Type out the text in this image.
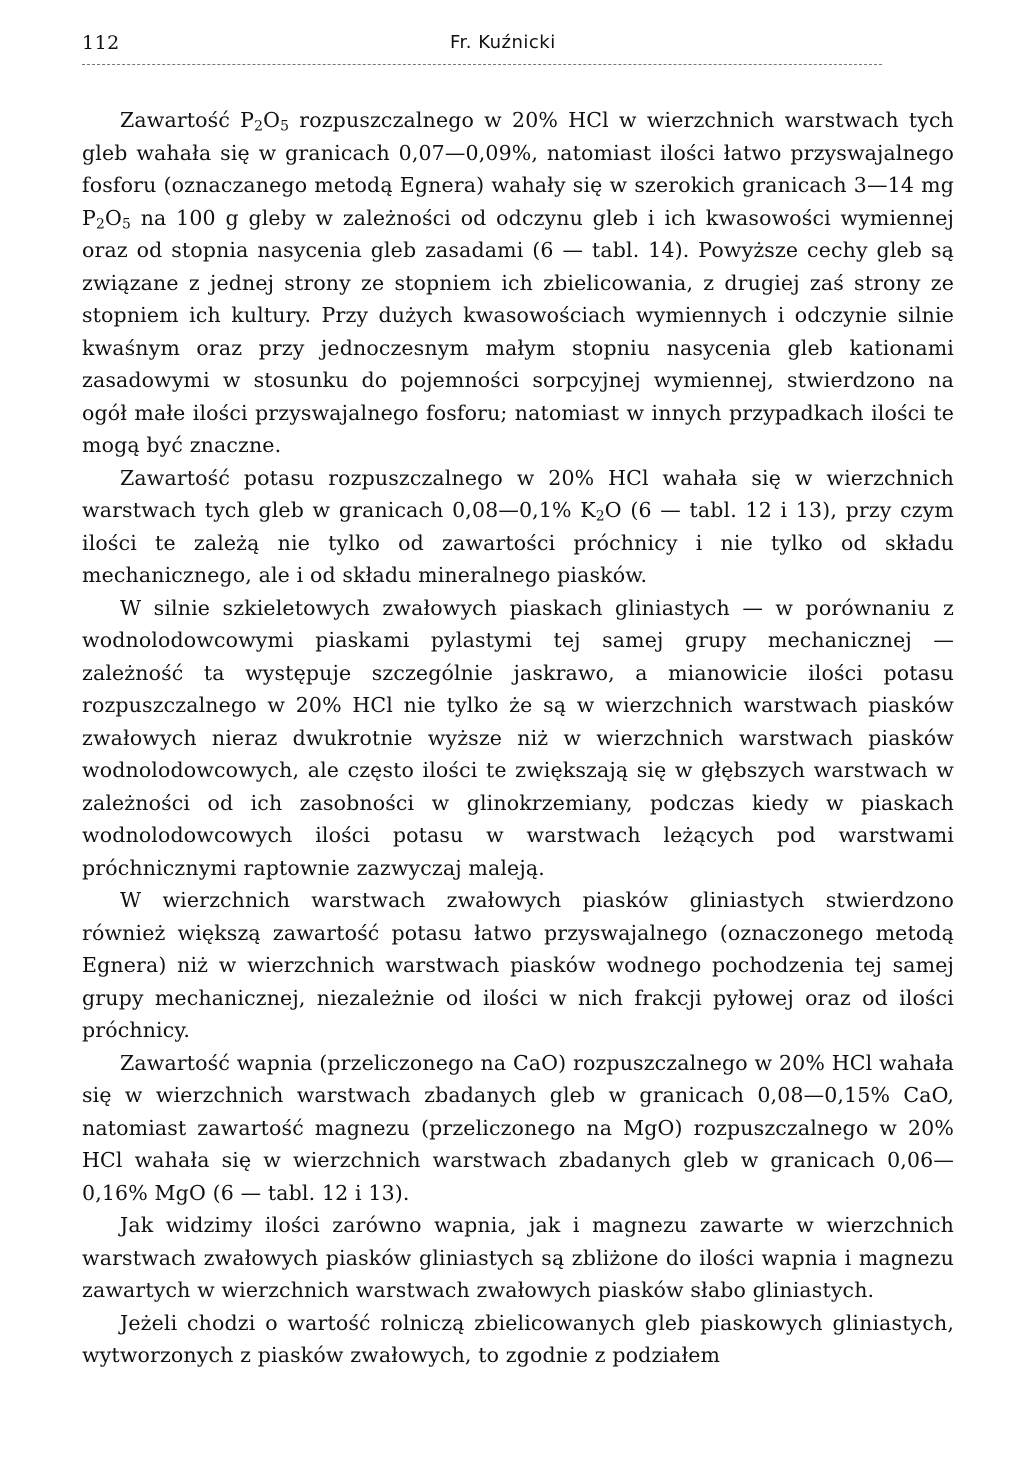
112	Fr. Kuźnicki

Zawartość $P_2O_5$ rozpuszczalnego w 20% HCl w wierzchnich warstwach tych gleb wahała się w granicach 0,07—0,09%, natomiast ilości łatwo przyswajalnego fosforu (oznaczanego metodą Egnera) wahały się w szerokich granicach 3—14 mg $P_2O_5$ na 100 g gleby w zależności od odczynu gleb i ich kwasowości wymiennej oraz od stopnia nasycenia gleb zasadami (6 — tabl. 14). Powyższe cechy gleb są związane z jednej strony ze stopniem ich zbielicowania, z drugiej zaś strony ze stopniem ich kultury. Przy dużych kwasowościach wymiennych i odczynie silnie kwaśnym oraz przy jednoczesnym małym stopniu nasycenia gleb kationami zasadowymi w stosunku do pojemności sorpcyjnej wymiennej, stwierdzono na ogół małe ilości przyswajalnego fosforu; natomiast w innych przypadkach ilości te mogą być znaczne.

Zawartość potasu rozpuszczalnego w 20% HCl wahała się w wierzchnich warstwach tych gleb w granicach 0,08—0,1% $K_2O$ (6 — tabl. 12 i 13), przy czym ilości te zależą nie tylko od zawartości próchnicy i nie tylko od składu mechanicznego, ale i od składu mineralnego piasków.

W silnie szkieletowych zwałowych piaskach gliniastych — w porównaniu z wodnolodowcowymi piaskami pylastymi tej samej grupy mechanicznej — zależność ta występuje szczególnie jaskrawo, a mianowicie ilości potasu rozpuszczalnego w 20% HCl nie tylko że są w wierzchnich warstwach piasków zwałowych nieraz dwukrotnie wyższe niż w wierzchnich warstwach piasków wodnolodowcowych, ale często ilości te zwiększają się w głębszych warstwach w zależności od ich zasobności w glinokrzemiany, podczas kiedy w piaskach wodnolodowcowych ilości potasu w warstwach leżących pod warstwami próchnicznymi raptownie zazwyczaj maleją.

W wierzchnich warstwach zwałowych piasków gliniastych stwierdzono również większą zawartość potasu łatwo przyswajalnego (oznaczonego metodą Egnera) niż w wierzchnich warstwach piasków wodnego pochodzenia tej samej grupy mechanicznej, niezależnie od ilości w nich frakcji pyłowej oraz od ilości próchnicy.

Zawartość wapnia (przeliczonego na CaO) rozpuszczalnego w 20% HCl wahała się w wierzchnich warstwach zbadanych gleb w granicach 0,08—0,15% CaO, natomiast zawartość magnezu (przeliczonego na MgO) rozpuszczalnego w 20% HCl wahała się w wierzchnich warstwach zbadanych gleb w granicach 0,06—0,16% MgO (6 — tabl. 12 i 13).

Jak widzimy ilości zarówno wapnia, jak i magnezu zawarte w wierzchnich warstwach zwałowych piasków gliniastych są zbliżone do ilości wapnia i magnezu zawartych w wierzchnich warstwach zwałowych piasków słabo gliniastych.

Jeżeli chodzi o wartość rolniczą zbielicowanych gleb piaskowych gliniastych, wytworzonych z piasków zwałowych, to zgodnie z podziałem
